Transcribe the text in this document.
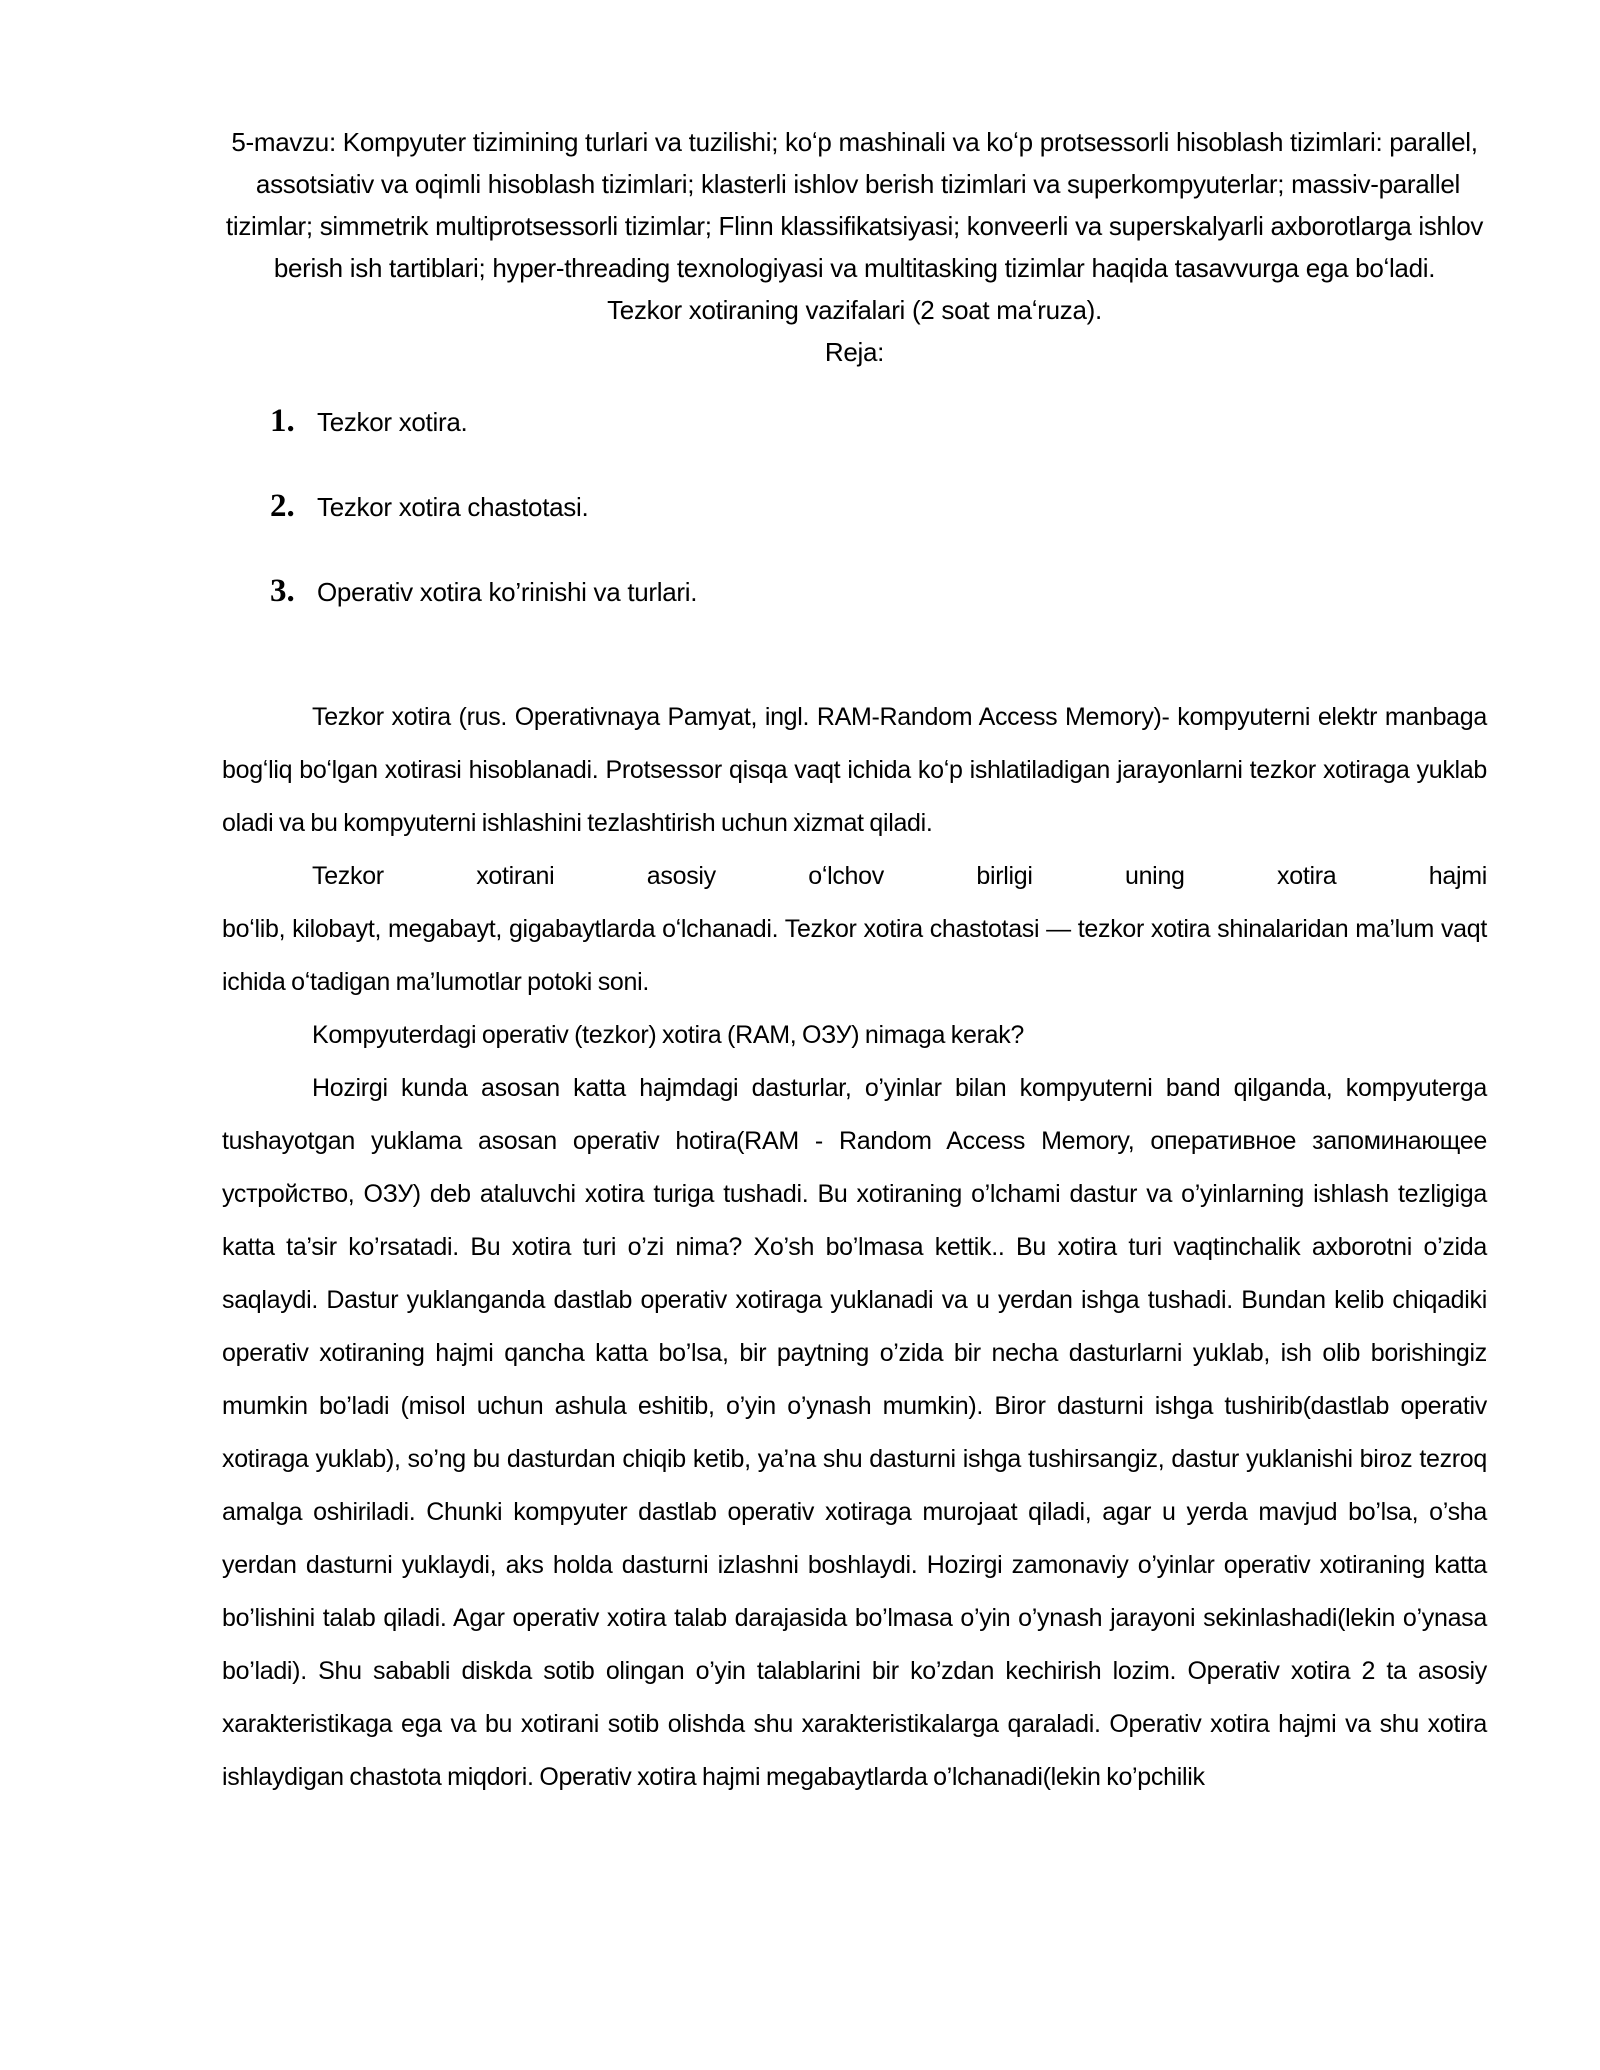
5-mavzu: Kompyuter tizimining turlari va tuzilishi; koʻp mashinali va koʻp protsessorli hisoblash tizimlari: parallel,  assotsiativ va oqimli hisoblash tizimlari; klasterli ishlov berish tizimlari va superkompyuterlar; massiv-parallel tizimlar; simmetrik multiprotsessorli tizimlar; Flinn klassifikatsiyasi; konveerli va superskalyarli axborotlarga ishlov berish ish tartiblari; hyper-threading texnologiyasi va multitasking tizimlar haqida tasavvurga ega boʻladi.

Tezkor xotiraning vazifalari (2 soat maʻruza).

Reja:

1. Tezkor xotira.
2. Tezkor xotira chastotasi.
3. Operativ xotira ko’rinishi va turlari.

Tezkor xotira (rus. Operativnaya Pamyat, ingl. RAM-Random Access Memory)- kompyuterni elektr manbaga bogʻliq boʻlgan xotirasi hisoblanadi. Protsessor qisqa vaqt ichida koʻp ishlatiladigan jarayonlarni tezkor xotiraga yuklab oladi va bu kompyuterni ishlashini tezlashtirish uchun xizmat qiladi.

Tezkor xotirani asosiy oʻlchov birligi uning xotira hajmiboʻlib, kilobayt, megabayt, gigabaytlarda oʻlchanadi. Tezkor xotira chastotasi — tezkor xotira shinalaridan ma’lum vaqt ichida oʻtadigan ma’lumotlar potoki soni.

Kompyuterdagi operativ (tezkor) xotira (RAM, ОЗУ) nimaga kerak?

Hozirgi kunda asosan katta hajmdagi dasturlar, o’yinlar bilan kompyuterni band qilganda, kompyuterga tushayotgan yuklama asosan operativ hotira(RAM - Random Access Memory, оперативное запоминающее устройство, ОЗУ) deb ataluvchi xotira turiga tushadi. Bu xotiraning o’lchami dastur va o’yinlarning ishlash tezligiga katta ta’sir ko’rsatadi. Bu xotira turi o’zi nima? Xo’sh bo’lmasa kettik.. Bu xotira turi vaqtinchalik axborotni o’zida saqlaydi. Dastur yuklanganda dastlab operativ xotiraga yuklanadi va u yerdan ishga tushadi. Bundan kelib chiqadiki operativ xotiraning hajmi qancha katta bo’lsa, bir paytning o’zida bir necha dasturlarni yuklab, ish olib borishingiz mumkin bo’ladi (misol uchun ashula eshitib, o’yin o’ynash mumkin). Biror dasturni ishga tushirib(dastlab operativ xotiraga yuklab), so’ng bu dasturdan chiqib ketib, ya’na shu dasturni ishga tushirsangiz, dastur yuklanishi biroz tezroq amalga oshiriladi. Chunki kompyuter dastlab operativ xotiraga murojaat qiladi, agar u yerda mavjud bo’lsa, o’sha yerdan dasturni yuklaydi, aks holda dasturni izlashni boshlaydi. Hozirgi zamonaviy o’yinlar operativ xotiraning katta bo’lishini talab qiladi. Agar operativ xotira talab darajasida bo’lmasa o’yin o’ynash jarayoni sekinlashadi(lekin o’ynasa bo’ladi). Shu sababli diskda sotib olingan o’yin talablarini bir ko’zdan kechirish lozim. Operativ xotira 2 ta asosiy xarakteristikaga ega va bu xotirani sotib olishda shu xarakteristikalarga qaraladi. Operativ xotira hajmi va shu xotira ishlaydigan chastota miqdori. Operativ xotira hajmi megabaytlarda o’lchanadi(lekin ko’pchilik
